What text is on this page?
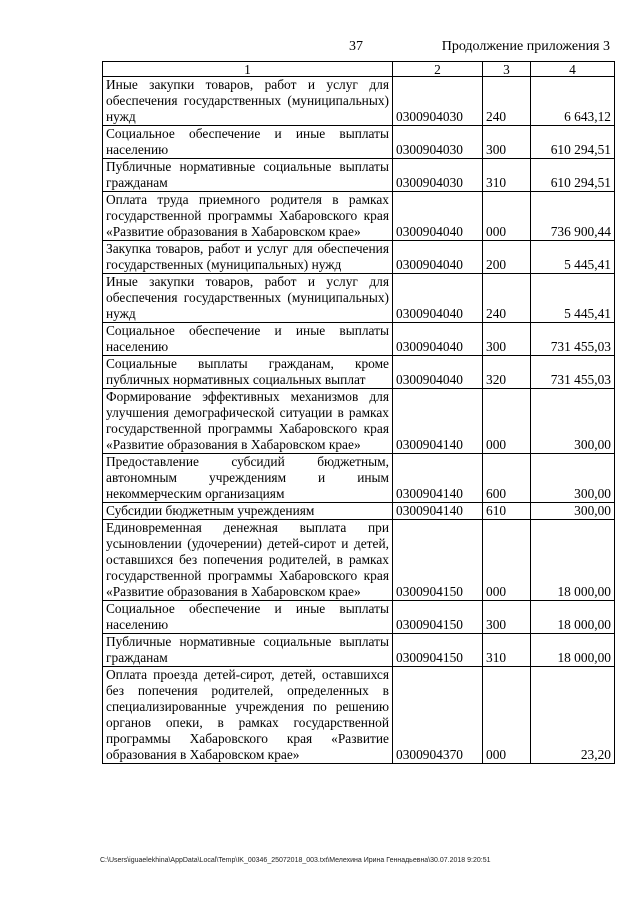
37	Продолжение приложения 3
1	2	3	4
Иные закупки товаров, работ и услуг для обеспечения государственных (муниципальных) нужд	0300904030	240	6 643,12
Социальное обеспечение и иные выплаты населению	0300904030	300	610 294,51
Публичные нормативные социальные выплаты гражданам	0300904030	310	610 294,51
Оплата труда приемного родителя в рамках государственной программы Хабаровского края «Развитие образования в Хабаровском крае»	0300904040	000	736 900,44
Закупка товаров, работ и услуг для обеспечения государственных (муниципальных) нужд	0300904040	200	5 445,41
Иные закупки товаров, работ и услуг для обеспечения государственных (муниципальных) нужд	0300904040	240	5 445,41
Социальное обеспечение и иные выплаты населению	0300904040	300	731 455,03
Социальные выплаты гражданам, кроме публичных нормативных социальных выплат	0300904040	320	731 455,03
Формирование эффективных механизмов для улучшения демографической ситуации в рамках государственной программы Хабаровского края «Развитие образования в Хабаровском крае»	0300904140	000	300,00
Предоставление субсидий бюджетным, автономным учреждениям и иным некоммерческим организациям	0300904140	600	300,00
Субсидии бюджетным учреждениям	0300904140	610	300,00
Единовременная денежная выплата при усыновлении (удочерении) детей-сирот и детей, оставшихся без попечения родителей, в рамках государственной программы Хабаровского края «Развитие образования в Хабаровском крае»	0300904150	000	18 000,00
Социальное обеспечение и иные выплаты населению	0300904150	300	18 000,00
Публичные нормативные социальные выплаты гражданам	0300904150	310	18 000,00
Оплата проезда детей-сирот, детей, оставшихся без попечения родителей, определенных в специализированные учреждения по решению органов опеки, в рамках государственной программы Хабаровского края «Развитие образования в Хабаровском крае»	0300904370	000	23,20
C:\Users\iguaelekhina\AppData\Local\Temp\IK_00346_25072018_003.txt\Мелехина Ирина Геннадьевна\30.07.2018 9:20:51
